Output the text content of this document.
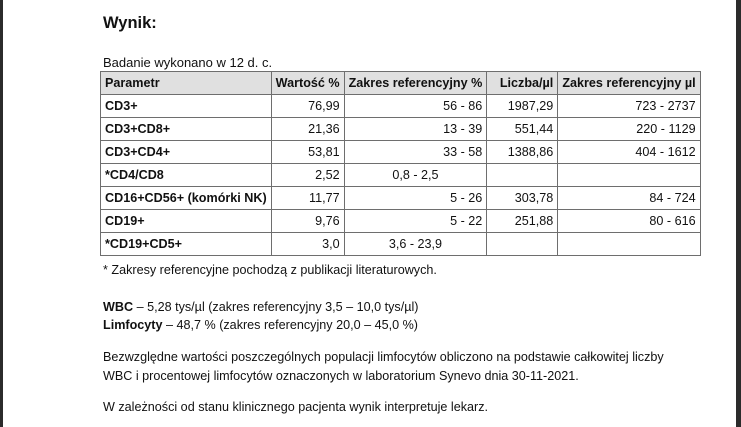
Wynik:
Badanie wykonano w 12 d. c.
Parametr	Wartość %	Zakres referencyjny %	Liczba/µl	Zakres referencyjny µl
CD3+	76,99	56 - 86	1987,29	723 - 2737
CD3+CD8+	21,36	13 - 39	551,44	220 - 1129
CD3+CD4+	53,81	33 - 58	1388,86	404 - 1612
*CD4/CD8	2,52	0,8 - 2,5		
CD16+CD56+ (komórki NK)	11,77	5 - 26	303,78	84 - 724
CD19+	9,76	5 - 22	251,88	80 - 616
*CD19+CD5+	3,0	3,6 - 23,9		
* Zakresy referencyjne pochodzą z publikacji literaturowych.
WBC – 5,28 tys/µl (zakres referencyjny 3,5 – 10,0 tys/µl)
Limfocyty – 48,7 % (zakres referencyjny 20,0 – 45,0 %)
Bezwzględne wartości poszczególnych populacji limfocytów obliczono na podstawie całkowitej liczby WBC i procentowej limfocytów oznaczonych w laboratorium Synevo dnia 30-11-2021.
W zależności od stanu klinicznego pacjenta wynik interpretuje lekarz.
